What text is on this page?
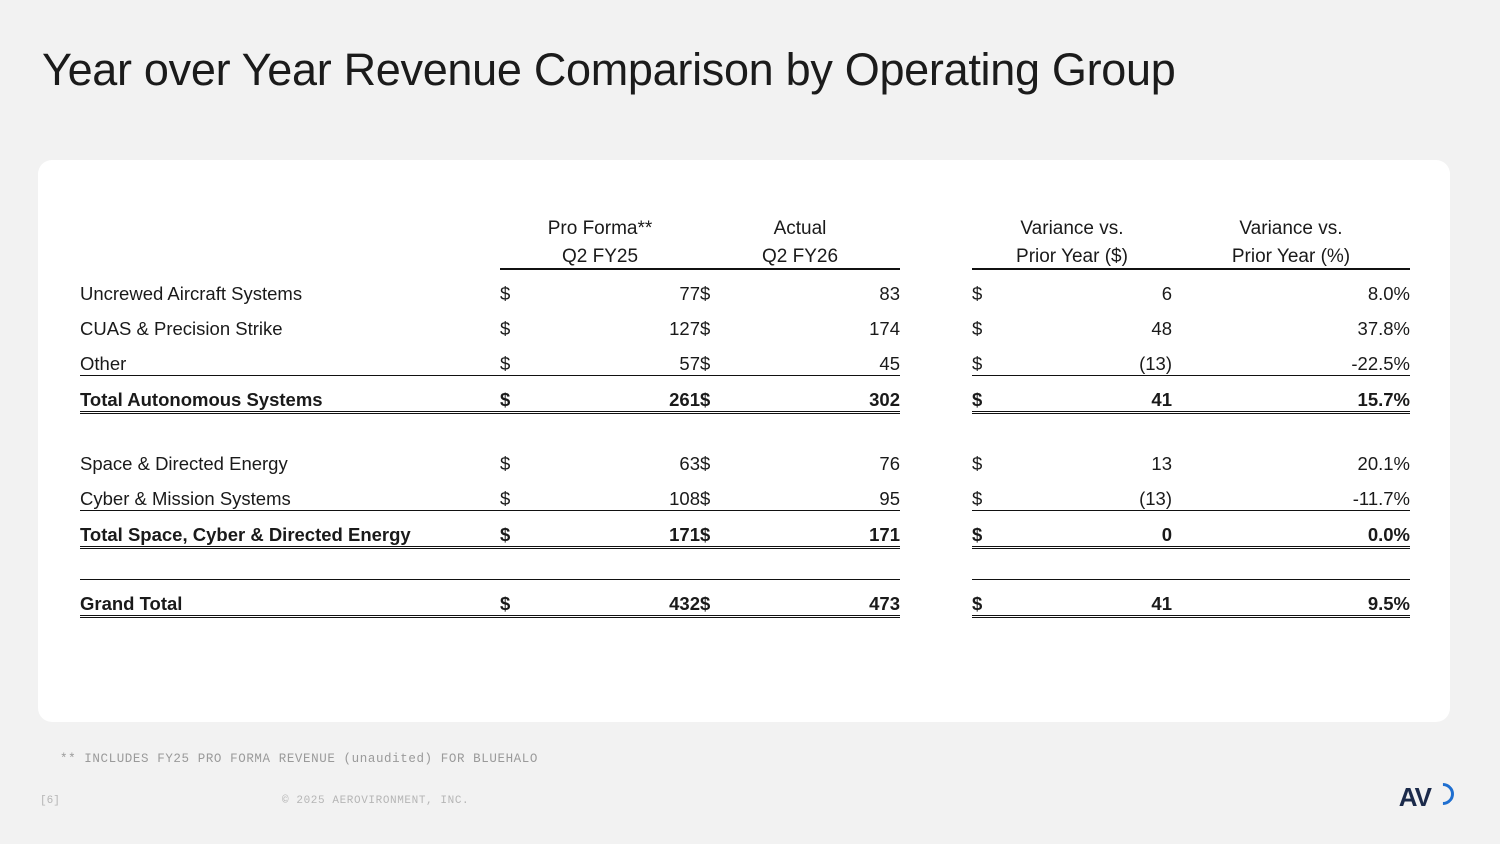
Year over Year Revenue Comparison by Operating Group
	Pro Forma**		Actual			Variance vs.		Variance vs.
	Q2 FY25		Q2 FY26			Prior Year ($)		Prior Year (%)
Uncrewed Aircraft Systems	$	77	$	83		$	6	8.0%
CUAS & Precision Strike	$	127	$	174		$	48	37.8%
Other	$	57	$	45		$	(13)	-22.5%
Total Autonomous Systems	$	261	$	302		$	41	15.7%

Space & Directed Energy	$	63	$	76		$	13	20.1%
Cyber & Mission Systems	$	108	$	95		$	(13)	-11.7%
Total Space, Cyber & Directed Energy	$	171	$	171		$	0	0.0%

Grand Total	$	432	$	473		$	41	9.5%
** INCLUDES FY25 PRO FORMA REVENUE (unaudited) FOR BLUEHALO
[6]	© 2025 AEROVIRONMENT, INC.	AV
